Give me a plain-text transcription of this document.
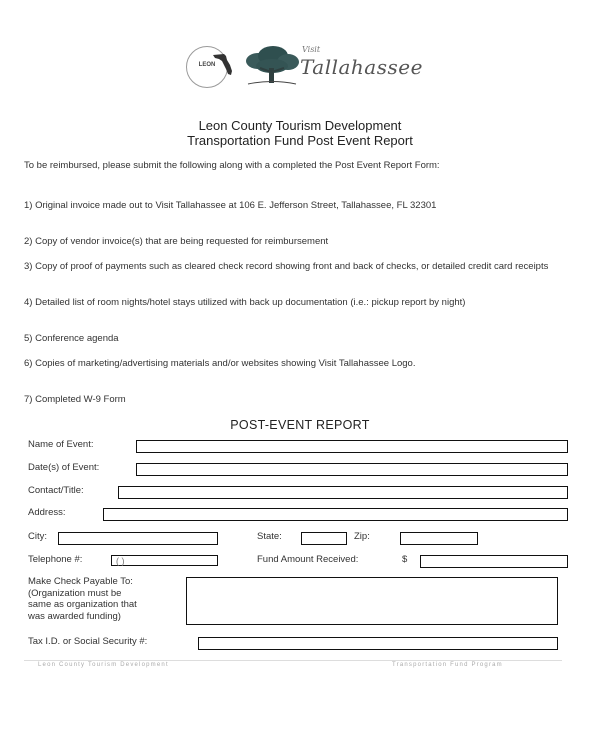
LEON
Visit
Tallahassee
Leon County Tourism Development
Transportation Fund Post Event Report
To be reimbursed, please submit the following along with a completed the Post Event Report Form:
1) Original invoice made out to Visit Tallahassee at 106 E. Jefferson Street, Tallahassee, FL 32301
2) Copy of vendor invoice(s) that are being requested for reimbursement
3) Copy of proof of payments such as cleared check record showing front and back of checks, or detailed credit card receipts
4) Detailed list of room nights/hotel stays utilized with back up documentation (i.e.: pickup report by night)
5) Conference agenda
6) Copies of marketing/advertising materials and/or websites showing Visit Tallahassee Logo.
7) Completed W-9 Form
POST-EVENT REPORT
Name of Event:
Date(s) of Event:
Contact/Title:
Address:
City:	State:	Zip:
Telephone #:	( )	Fund Amount Received:	$
Make Check Payable To:
(Organization must be
same as organization that
was awarded funding)
Tax I.D. or Social Security #:
Leon County Tourism Development	Transportation Fund Program
